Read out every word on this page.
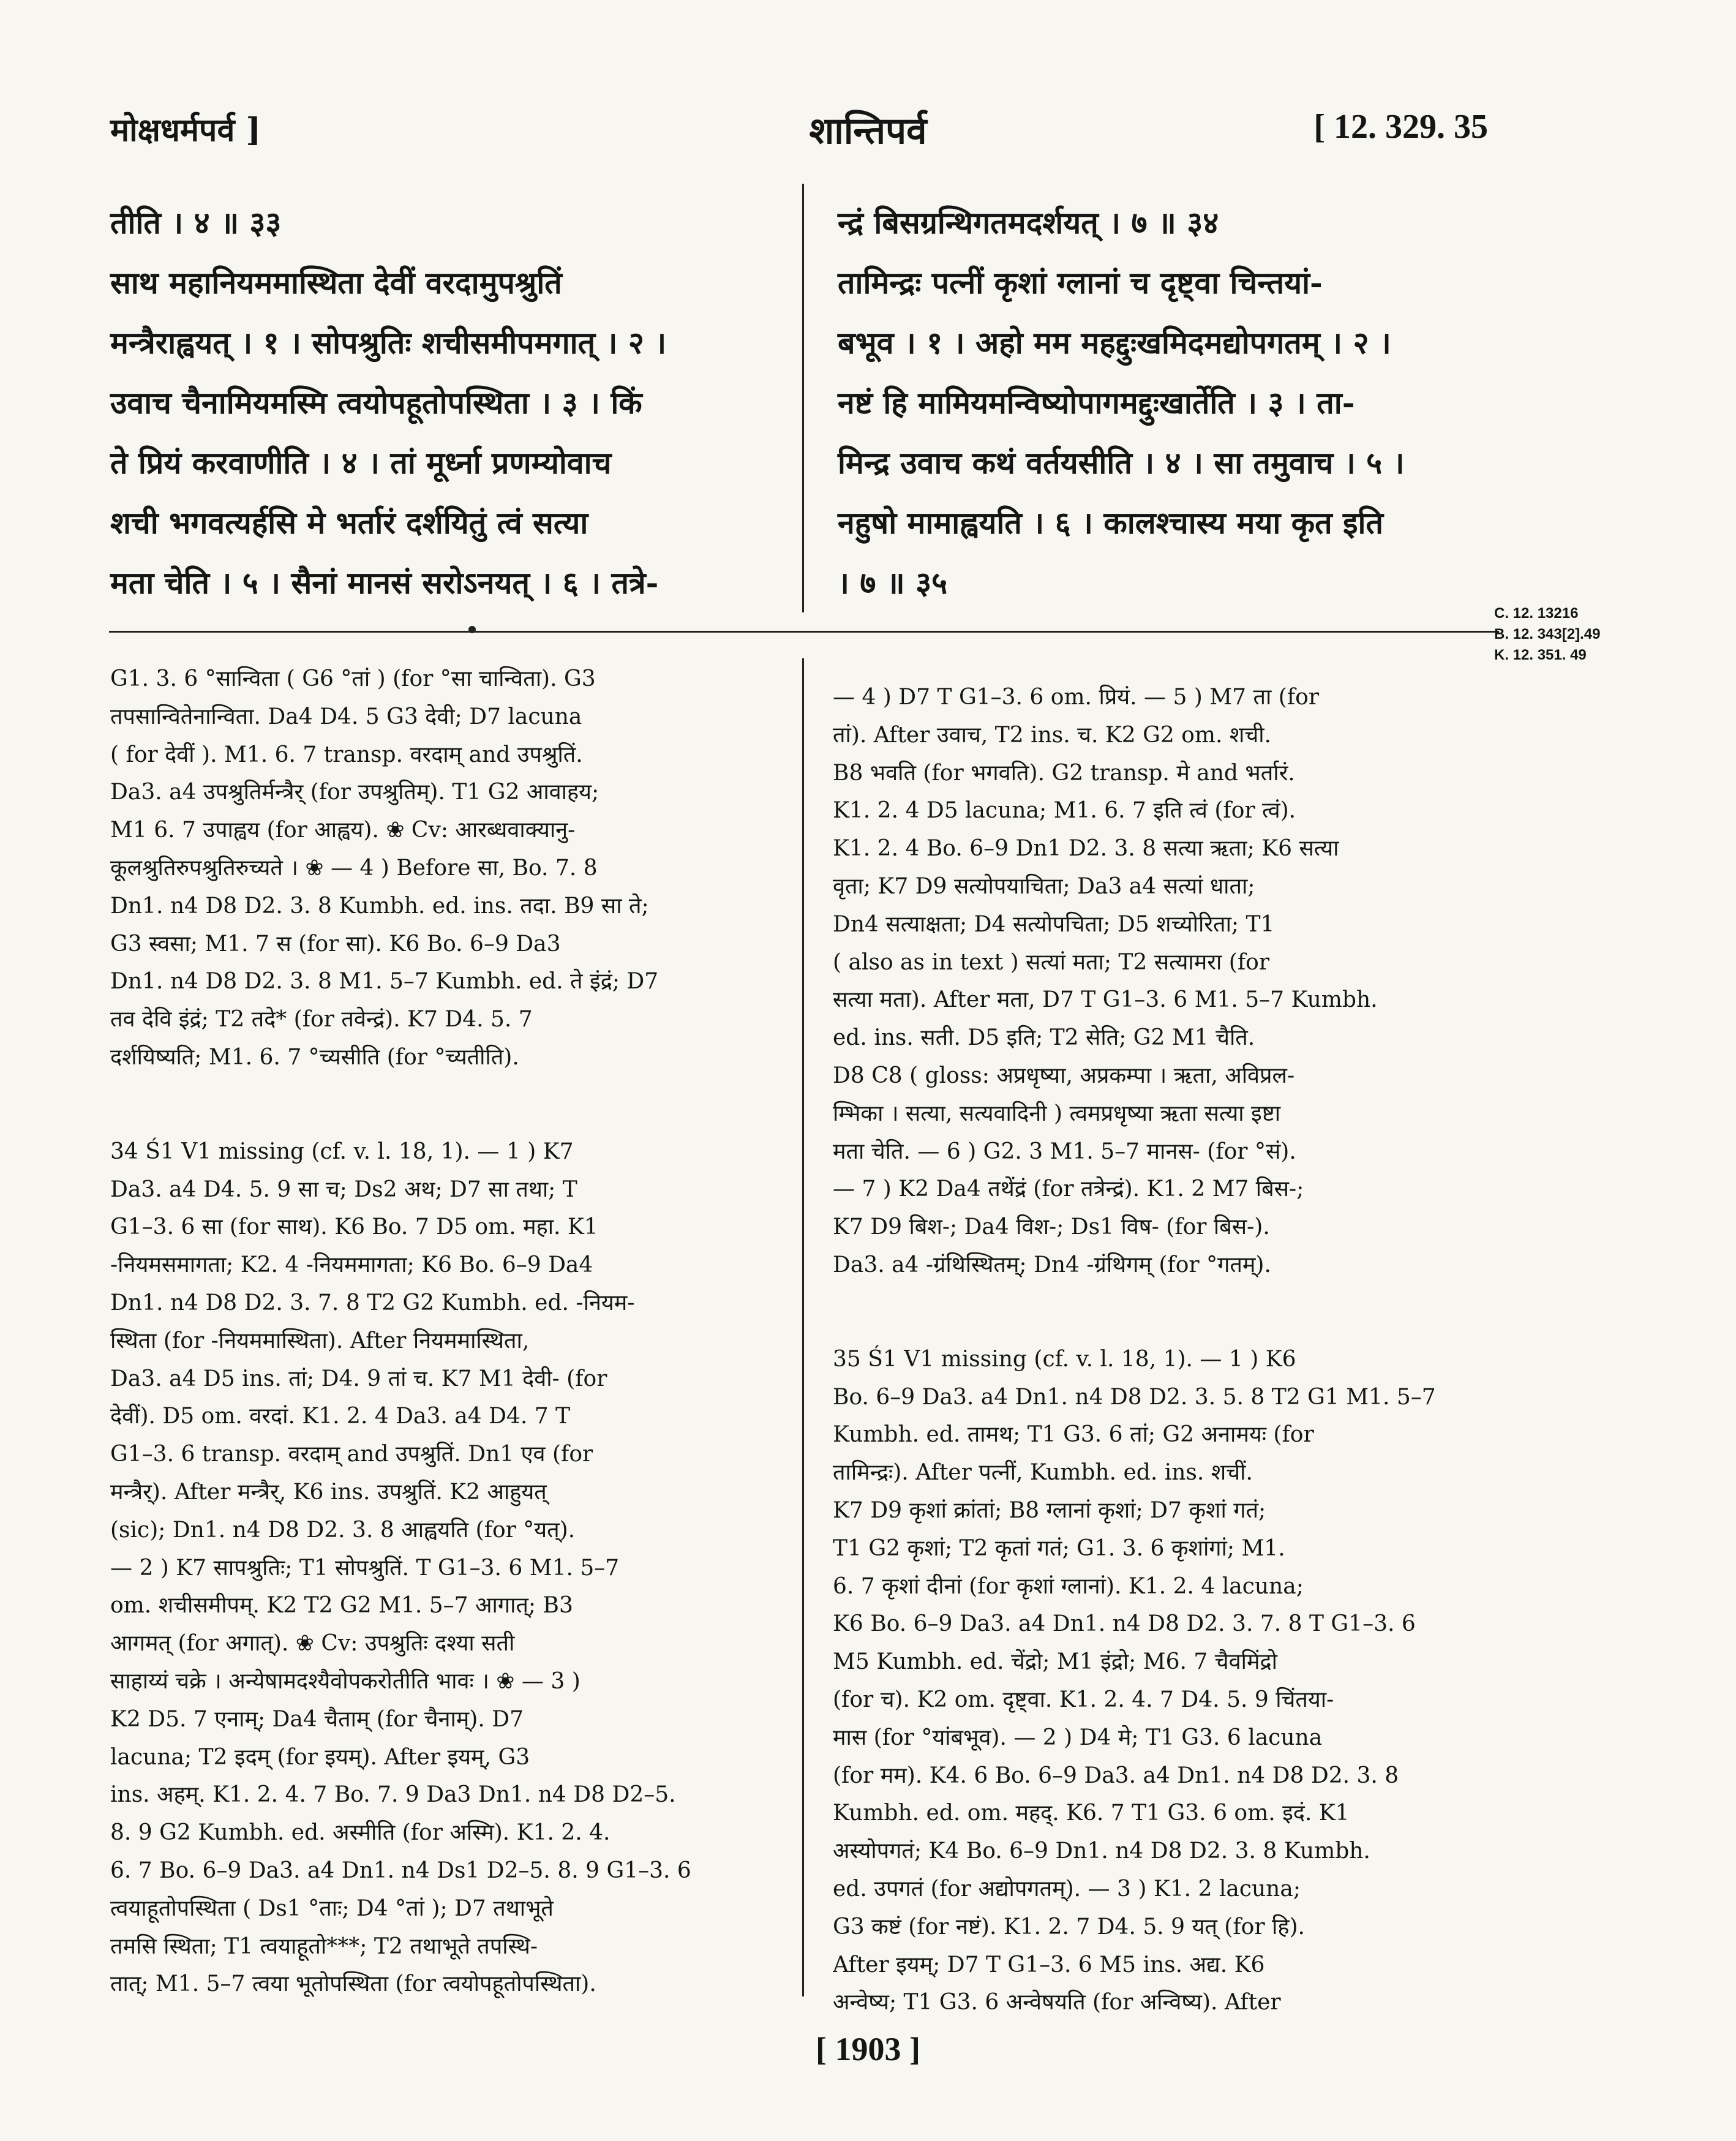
मोक्षधर्मपर्व ]	शान्तिपर्व	[ 12. 329. 35
तीति । ४ ॥ ३३
साथ महानियममास्थिता देवीं वरदामुपश्रुतिं
मन्त्रैराह्वयत् । १ । सोपश्रुतिः शचीसमीपमगात् । २ ।
उवाच चैनामियमस्मि त्वयोपहूतोपस्थिता । ३ । किं
ते प्रियं करवाणीति । ४ । तां मूर्ध्ना प्रणम्योवाच
शची भगवत्यर्हसि मे भर्तारं दर्शयितुं त्वं सत्या
मता चेति । ५ । सैनां मानसं सरोऽनयत् । ६ । तत्रे-
न्द्रं बिसग्रन्थिगतमदर्शयत् । ७ ॥ ३४
तामिन्द्रः पत्नीं कृशां ग्लानां च दृष्ट्वा चिन्तयां-
बभूव । १ । अहो मम महद्दुःखमिदमद्योपगतम् । २ ।
नष्टं हि मामियमन्विष्योपागमद्दुःखार्तेति । ३ । ता-
मिन्द्र उवाच कथं वर्तयसीति । ४ । सा तमुवाच । ५ ।
नहुषो मामाह्वयति । ६ । कालश्चास्य मया कृत इति
। ७ ॥ ३५
C. 12. 13216
B. 12. 343[2].49
K. 12. 351. 49
G1. 3. 6 °सान्विता ( G6 °तां ) (for °सा चान्विता). G3
तपसान्वितेनान्विता. Da4 D4. 5 G3 देवी; D7 lacuna
( for देवीं ). M1. 6. 7 transp. वरदाम् and उपश्रुतिं.
Da3. a4 उपश्रुतिर्मन्त्रैर् (for उपश्रुतिम्). T1 G2 आवाहय;
M1 6. 7 उपाह्वय (for आह्वय). ❀ Cv: आरब्धवाक्यानु-
कूलश्रुतिरुपश्रुतिरुच्यते । ❀ — 4 ) Before सा, Bo. 7. 8
Dn1. n4 D8 D2. 3. 8 Kumbh. ed. ins. तदा. B9 सा ते;
G3 स्वसा; M1. 7 स (for सा). K6 Bo. 6–9 Da3
Dn1. n4 D8 D2. 3. 8 M1. 5–7 Kumbh. ed. ते इंद्रं; D7
तव देवि इंद्रं; T2 तदे* (for तवेन्द्रं). K7 D4. 5. 7
दर्शयिष्यति; M1. 6. 7 °च्यसीति (for °च्यतीति).
34 Ś1 V1 missing (cf. v. l. 18, 1). — 1 ) K7
Da3. a4 D4. 5. 9 सा च; Ds2 अथ; D7 सा तथा; T
G1–3. 6 सा (for साथ). K6 Bo. 7 D5 om. महा. K1
-नियमसमागता; K2. 4 -नियममागता; K6 Bo. 6–9 Da4
Dn1. n4 D8 D2. 3. 7. 8 T2 G2 Kumbh. ed. -नियम-
स्थिता (for -नियममास्थिता). After नियममास्थिता,
Da3. a4 D5 ins. तां; D4. 9 तां च. K7 M1 देवी- (for
देवीं). D5 om. वरदां. K1. 2. 4 Da3. a4 D4. 7 T
G1–3. 6 transp. वरदाम् and उपश्रुतिं. Dn1 एव (for
मन्त्रैर्). After मन्त्रैर्, K6 ins. उपश्रुतिं. K2 आहुयत्
(sic); Dn1. n4 D8 D2. 3. 8 आह्वयति (for °यत्).
— 2 ) K7 सापश्रुतिः; T1 सोपश्रुतिं. T G1–3. 6 M1. 5–7
om. शचीसमीपम्. K2 T2 G2 M1. 5–7 आगात्; B3
आगमत् (for अगात्). ❀ Cv: उपश्रुतिः दश्या सती
साहाय्यं चक्रे । अन्येषामदश्यैवोपकरोतीति भावः । ❀ — 3 )
K2 D5. 7 एनाम्; Da4 चैताम् (for चैनाम्). D7
lacuna; T2 इदम् (for इयम्). After इयम्, G3
ins. अहम्. K1. 2. 4. 7 Bo. 7. 9 Da3 Dn1. n4 D8 D2–5.
8. 9 G2 Kumbh. ed. अस्मीति (for अस्मि). K1. 2. 4.
6. 7 Bo. 6–9 Da3. a4 Dn1. n4 Ds1 D2–5. 8. 9 G1–3. 6
त्वयाहूतोपस्थिता ( Ds1 °ताः; D4 °तां ); D7 तथाभूते
तमसि स्थिता; T1 त्वयाहूतो***; T2 तथाभूते तपस्थि-
तात्; M1. 5–7 त्वया भूतोपस्थिता (for त्वयोपहूतोपस्थिता).
— 4 ) D7 T G1–3. 6 om. प्रियं. — 5 ) M7 ता (for
तां). After उवाच, T2 ins. च. K2 G2 om. शची.
B8 भवति (for भगवति). G2 transp. मे and भर्तारं.
K1. 2. 4 D5 lacuna; M1. 6. 7 इति त्वं (for त्वं).
K1. 2. 4 Bo. 6–9 Dn1 D2. 3. 8 सत्या ऋता; K6 सत्या
वृता; K7 D9 सत्योपयाचिता; Da3 a4 सत्यां धाता;
Dn4 सत्याक्षता; D4 सत्योपचिता; D5 शच्योरिता; T1
( also as in text ) सत्यां मता; T2 सत्यामरा (for
सत्या मता). After मता, D7 T G1–3. 6 M1. 5–7 Kumbh.
ed. ins. सती. D5 इति; T2 सेति; G2 M1 चैति.
D8 C8 ( gloss: अप्रधृष्या, अप्रकम्पा । ऋता, अविप्रल-
म्भिका । सत्या, सत्यवादिनी ) त्वमप्रधृष्या ऋता सत्या इष्टा
मता चेति. — 6 ) G2. 3 M1. 5–7 मानस- (for °सं).
— 7 ) K2 Da4 तथेंद्रं (for तत्रेन्द्रं). K1. 2 M7 बिस-;
K7 D9 बिश-; Da4 विश-; Ds1 विष- (for बिस-).
Da3. a4 -ग्रंथिस्थितम्; Dn4 -ग्रंथिगम् (for °गतम्).
35 Ś1 V1 missing (cf. v. l. 18, 1). — 1 ) K6
Bo. 6–9 Da3. a4 Dn1. n4 D8 D2. 3. 5. 8 T2 G1 M1. 5–7
Kumbh. ed. तामथ; T1 G3. 6 तां; G2 अनामयः (for
तामिन्द्रः). After पत्नीं, Kumbh. ed. ins. शचीं.
K7 D9 कृशां क्रांतां; B8 ग्लानां कृशां; D7 कृशां गतं;
T1 G2 कृशां; T2 कृतां गतं; G1. 3. 6 कृशांगां; M1.
6. 7 कृशां दीनां (for कृशां ग्लानां). K1. 2. 4 lacuna;
K6 Bo. 6–9 Da3. a4 Dn1. n4 D8 D2. 3. 7. 8 T G1–3. 6
M5 Kumbh. ed. चेंद्रो; M1 इंद्रो; M6. 7 चैवमिंद्रो
(for च). K2 om. दृष्ट्वा. K1. 2. 4. 7 D4. 5. 9 चिंतया-
मास (for °यांबभूव). — 2 ) D4 मे; T1 G3. 6 lacuna
(for मम). K4. 6 Bo. 6–9 Da3. a4 Dn1. n4 D8 D2. 3. 8
Kumbh. ed. om. महद्. K6. 7 T1 G3. 6 om. इदं. K1
अस्योपगतं; K4 Bo. 6–9 Dn1. n4 D8 D2. 3. 8 Kumbh.
ed. उपगतं (for अद्योपगतम्). — 3 ) K1. 2 lacuna;
G3 कष्टं (for नष्टं). K1. 2. 7 D4. 5. 9 यत् (for हि).
After इयम्; D7 T G1–3. 6 M5 ins. अद्य. K6
अन्वेष्य; T1 G3. 6 अन्वेषयति (for अन्विष्य). After
[ 1903 ]
